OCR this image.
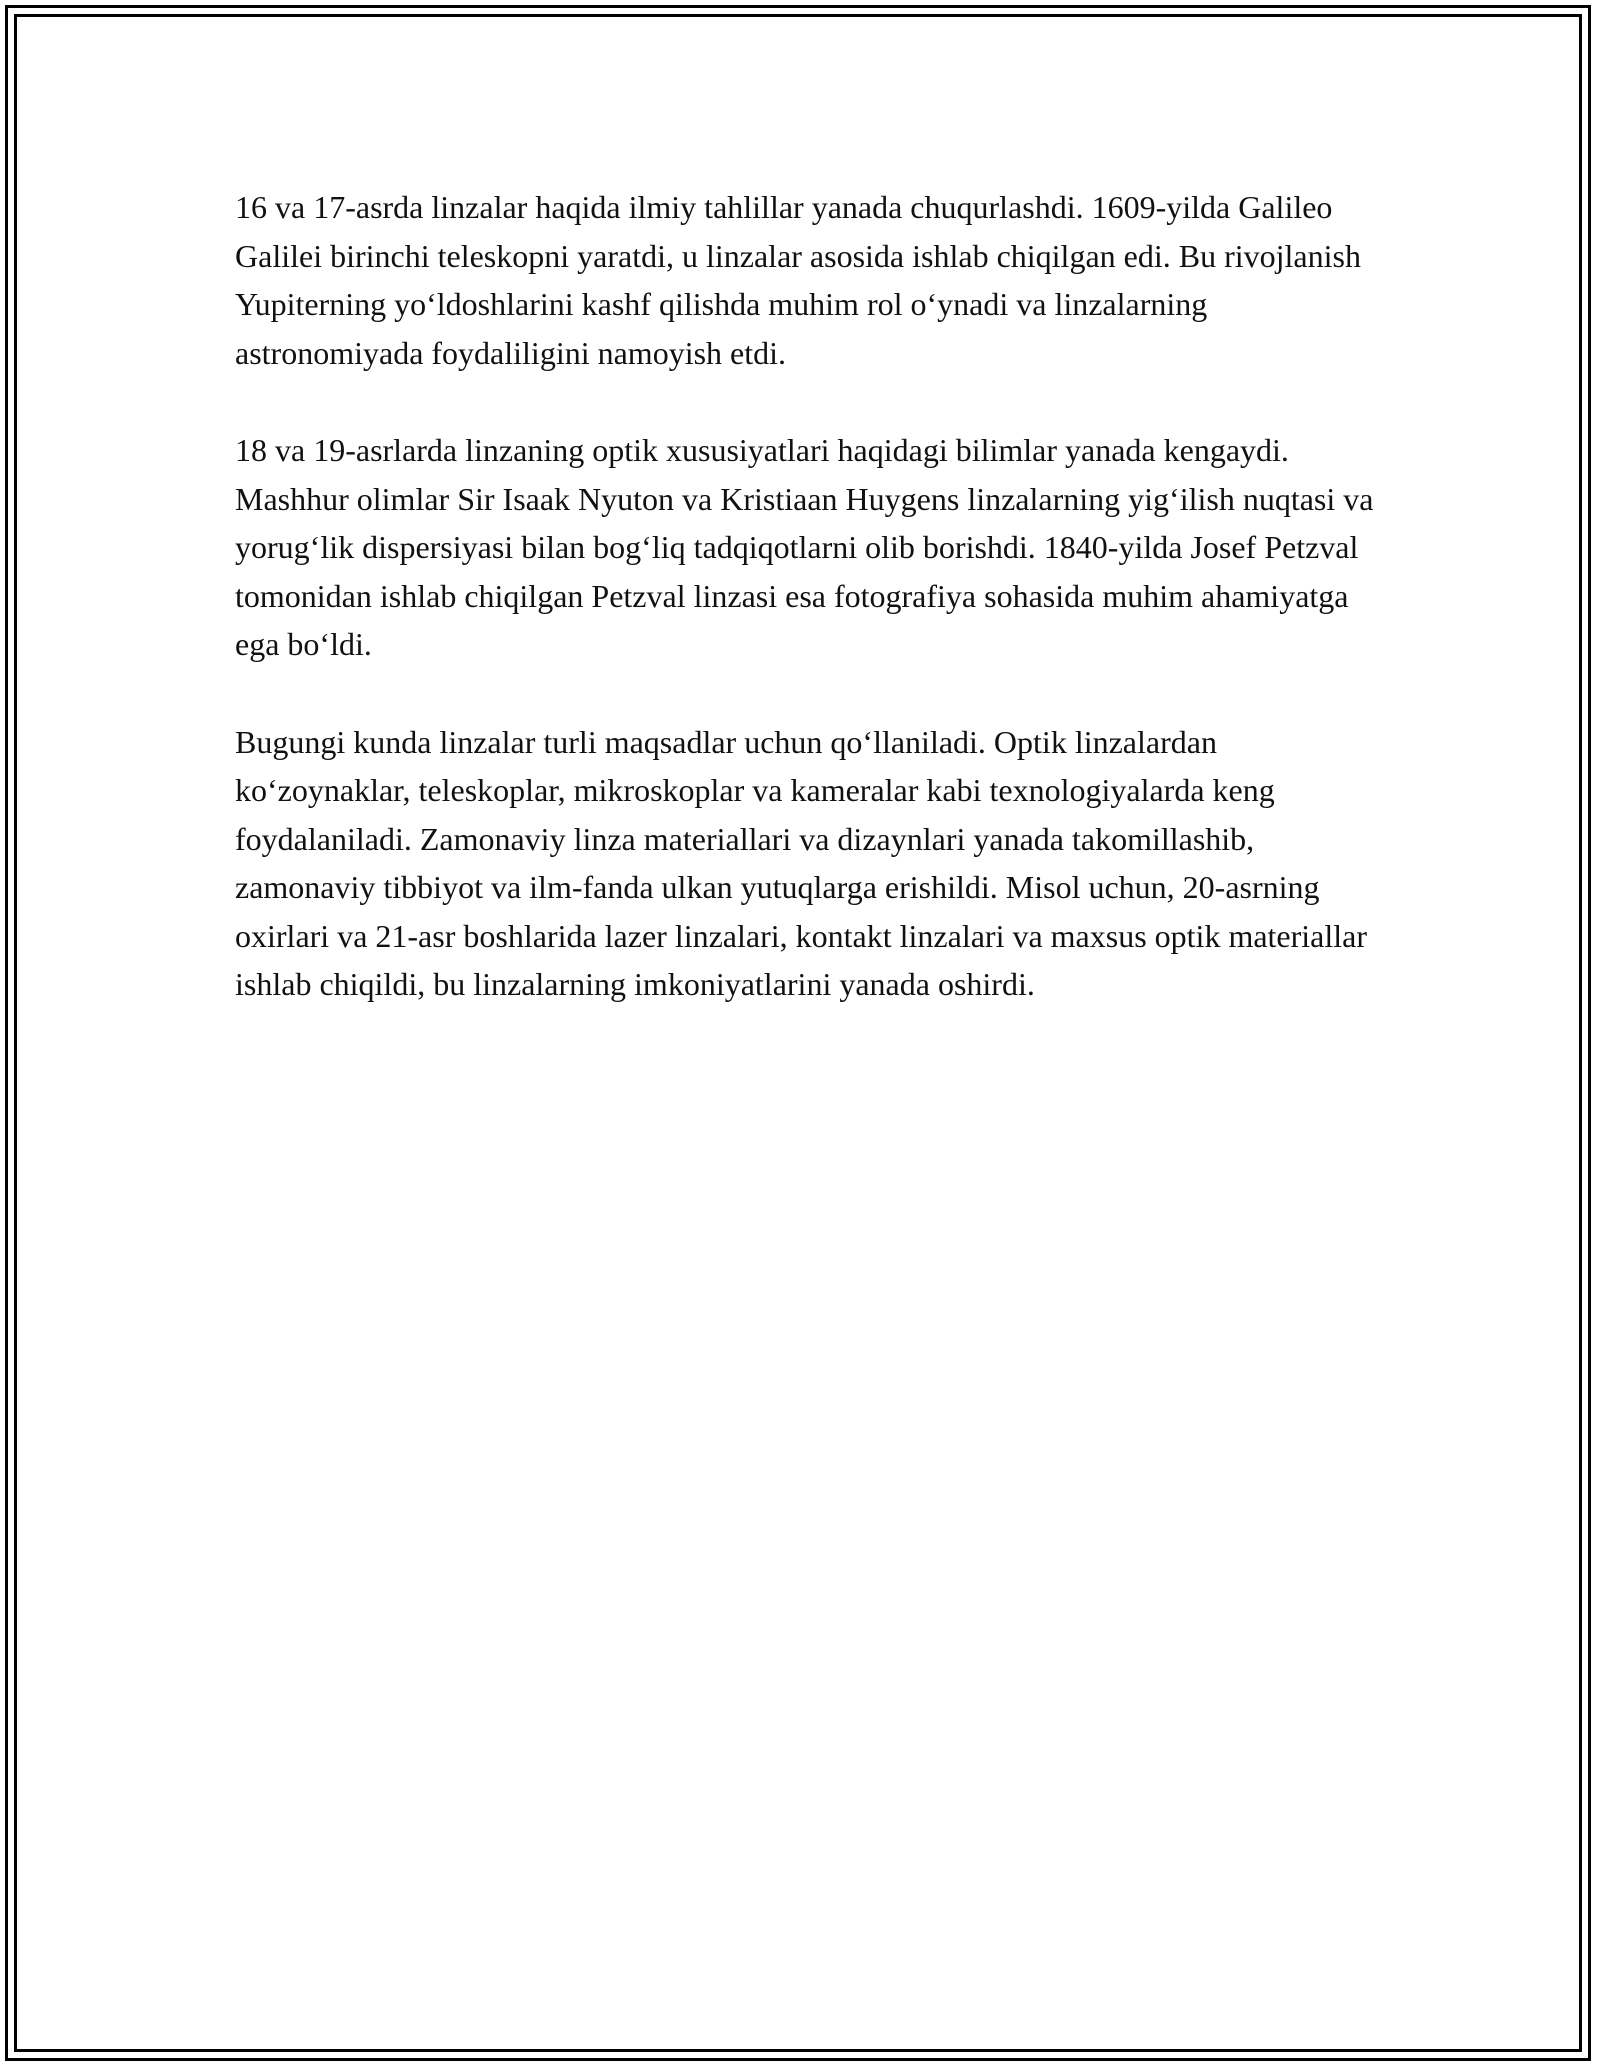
16 va 17-asrda linzalar haqida ilmiy tahlillar yanada chuqurlashdi. 1609-yilda Galileo Galilei birinchi teleskopni yaratdi, u linzalar asosida ishlab chiqilgan edi. Bu rivojlanish Yupiterning yo‘ldoshlarini kashf qilishda muhim rol o‘ynadi va linzalarning astronomiyada foydaliligini namoyish etdi.

18 va 19-asrlarda linzaning optik xususiyatlari haqidagi bilimlar yanada kengaydi. Mashhur olimlar Sir Isaak Nyuton va Kristiaan Huygens linzalarning yig‘ilish nuqtasi va yorug‘lik dispersiyasi bilan bog‘liq tadqiqotlarni olib borishdi. 1840-yilda Josef Petzval tomonidan ishlab chiqilgan Petzval linzasi esa fotografiya sohasida muhim ahamiyatga ega bo‘ldi.

Bugungi kunda linzalar turli maqsadlar uchun qo‘llaniladi. Optik linzalardan ko‘zoynaklar, teleskoplar, mikroskoplar va kameralar kabi texnologiyalarda keng foydalaniladi. Zamonaviy linza materiallari va dizaynlari yanada takomillashib, zamonaviy tibbiyot va ilm-fanda ulkan yutuqlarga erishildi. Misol uchun, 20-asrning oxirlari va 21-asr boshlarida lazer linzalari, kontakt linzalari va maxsus optik materiallar ishlab chiqildi, bu linzalarning imkoniyatlarini yanada oshirdi.
